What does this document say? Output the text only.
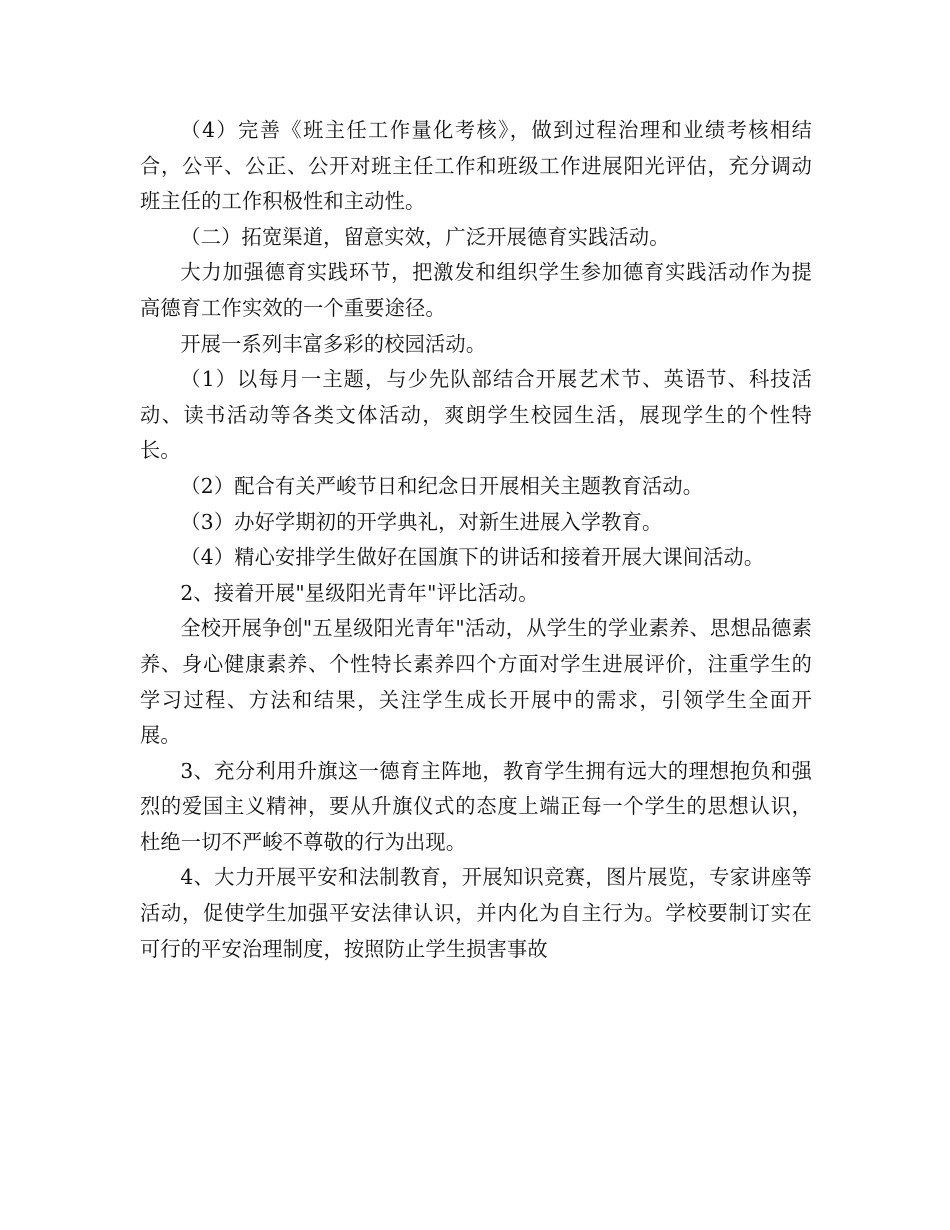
（4）完善《班主任工作量化考核》，做到过程治理和业绩考核相结合，公平、公正、公开对班主任工作和班级工作进展阳光评估，充分调动班主任的工作积极性和主动性。

（二）拓宽渠道，留意实效，广泛开展德育实践活动。

大力加强德育实践环节，把激发和组织学生参加德育实践活动作为提高德育工作实效的一个重要途径。

开展一系列丰富多彩的校园活动。

（1）以每月一主题，与少先队部结合开展艺术节、英语节、科技活动、读书活动等各类文体活动，爽朗学生校园生活，展现学生的个性特长。

（2）配合有关严峻节日和纪念日开展相关主题教育活动。

（3）办好学期初的开学典礼，对新生进展入学教育。

（4）精心安排学生做好在国旗下的讲话和接着开展大课间活动。

2、接着开展"星级阳光青年"评比活动。

全校开展争创"五星级阳光青年"活动，从学生的学业素养、思想品德素养、身心健康素养、个性特长素养四个方面对学生进展评价，注重学生的学习过程、方法和结果，关注学生成长开展中的需求，引领学生全面开展。

3、充分利用升旗这一德育主阵地，教育学生拥有远大的理想抱负和强烈的爱国主义精神，要从升旗仪式的态度上端正每一个学生的思想认识，杜绝一切不严峻不尊敬的行为出现。

4、大力开展平安和法制教育，开展知识竞赛，图片展览，专家讲座等活动，促使学生加强平安法律认识，并内化为自主行为。学校要制订实在可行的平安治理制度，按照防止学生损害事故
